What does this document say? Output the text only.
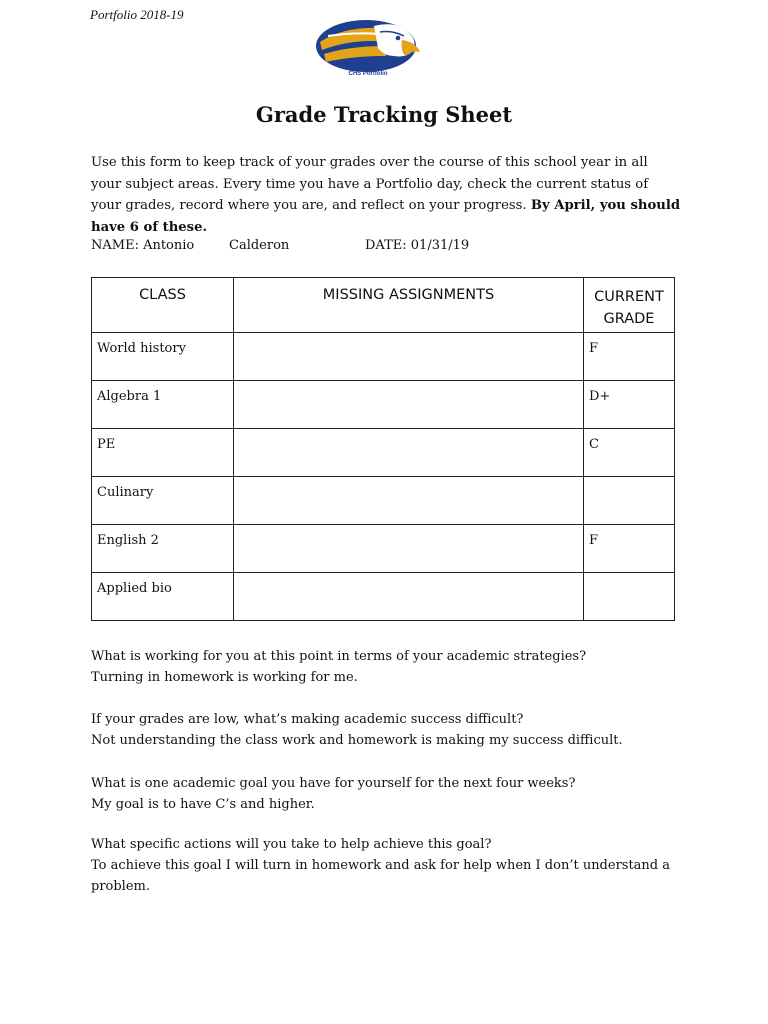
Portfolio 2018-19
CHS Portfolio
Grade Tracking Sheet

Use this form to keep track of your grades over the course of this school year in all your subject areas. Every time you have a Portfolio day, check the current status of your grades, record where you are, and reflect on your progress. By April, you should have 6 of these.

NAME: Antonio	Calderon	DATE: 01/31/19
CLASS	MISSING ASSIGNMENTS	CURRENT
GRADE
World history		F
Algebra 1		D+
PE		C
Culinary		
English 2		F
Applied bio		

What is working for you at this point in terms of your academic strategies?

Turning in homework is working for me.

If your grades are low, what’s making academic success difficult?

Not understanding the class work and homework is making my success difficult.

What is one academic goal you have for yourself for the next four weeks?

My goal is to have C’s and higher.

What specific actions will you take to help achieve this goal?

To achieve this goal I will turn in homework and ask for help when I don’t understand a problem.
